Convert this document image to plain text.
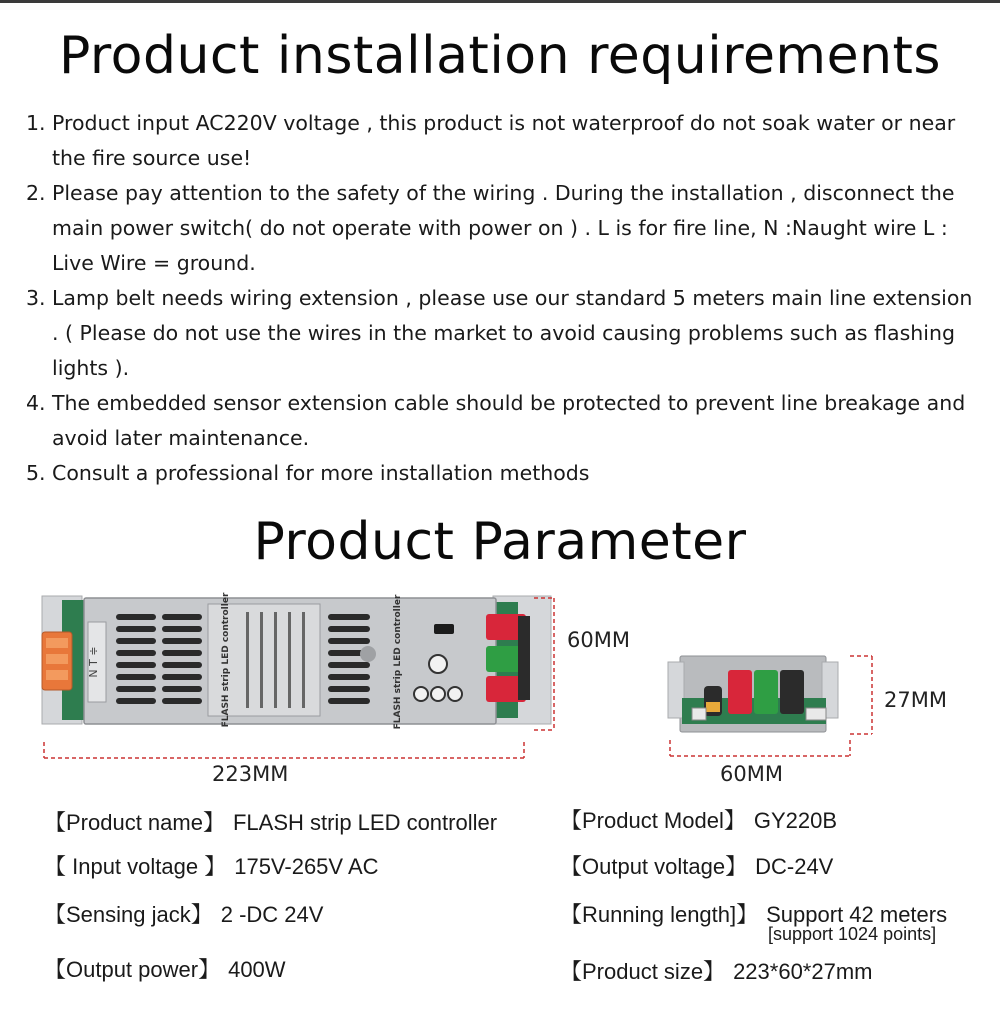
Product installation requirements
1. Product input AC220V voltage , this product is not waterproof do not soak water or near the fire source use!
2. Please pay attention to the safety of the wiring . During the installation , disconnect the main power switch( do not operate with power on ) . L is for fire line, N :Naught wire L : Live Wire = ground.
3. Lamp belt needs wiring extension , please use our standard 5 meters main line extension . ( Please do not use the wires in the market to avoid causing problems such as flashing lights ).
4. The embedded sensor extension cable should be protected to prevent line breakage and avoid later maintenance.
5. Consult a professional for more installation methods
Product Parameter
N T ≑	FLASH strip LED controller	FLASH strip LED controller	60MM
223MM
27MM
60MM
【Product name】 FLASH strip LED controller
【 Input voltage 】 175V-265V AC
【Sensing jack】 2 -DC 24V
【Output power】 400W
【Product Model】 GY220B
【Output voltage】 DC-24V
【Running length]】 Support 42 meters
[support 1024 points]
【Product size】 223*60*27mm
